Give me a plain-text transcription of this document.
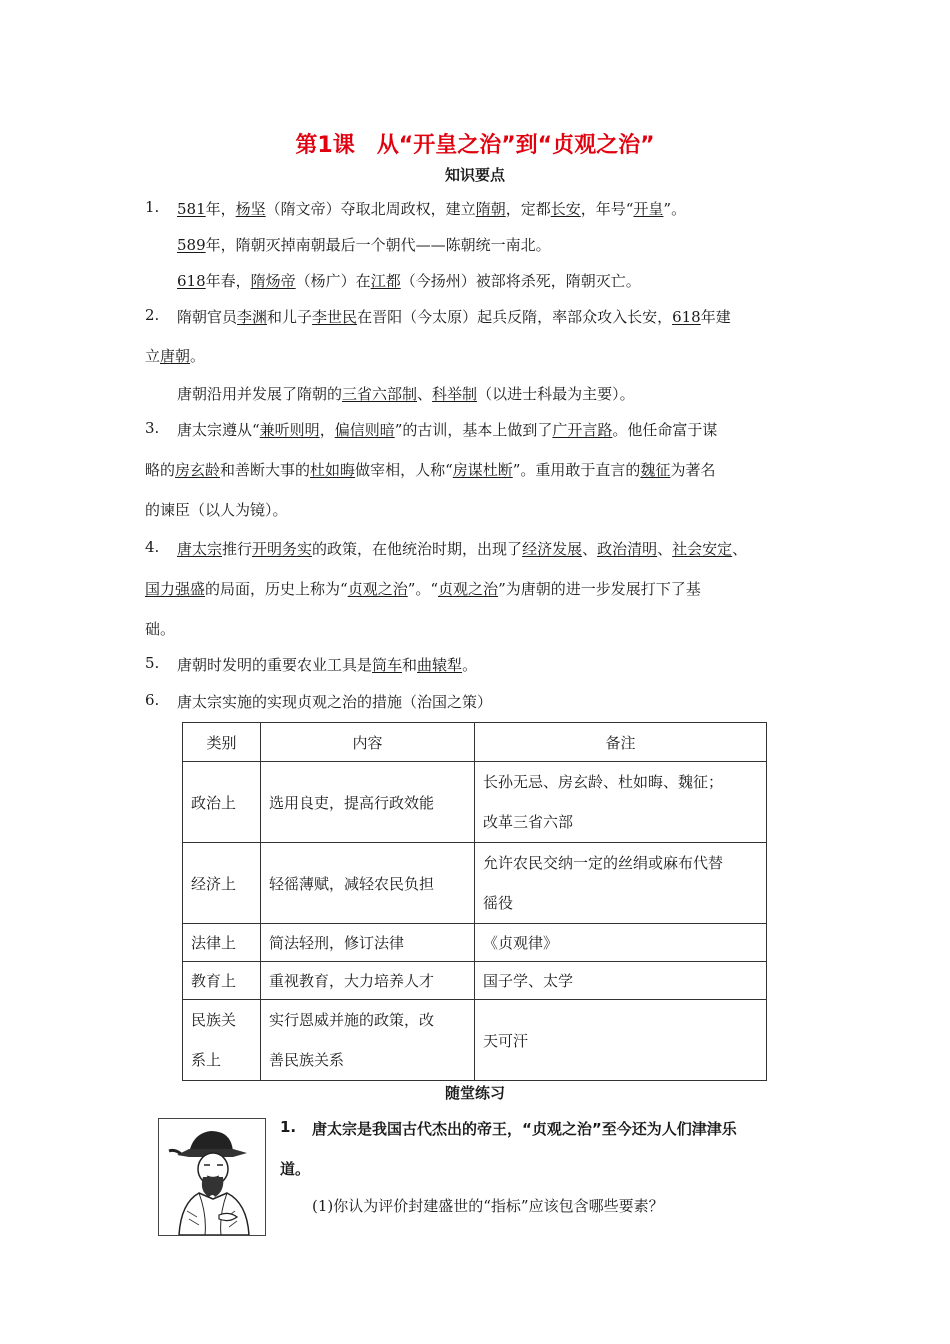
第1课　从“开皇之治”到“贞观之治”
知识要点
1. 581年，杨坚（隋文帝）夺取北周政权，建立隋朝，定都长安，年号“开皇”。
589年，隋朝灭掉南朝最后一个朝代——陈朝统一南北。
618年春，隋炀帝（杨广）在江都（今扬州）被部将杀死，隋朝灭亡。
2. 隋朝官员李渊和儿子李世民在晋阳（今太原）起兵反隋，率部众攻入长安，618年建
立唐朝。
唐朝沿用并发展了隋朝的三省六部制、科举制（以进士科最为主要）。
3. 唐太宗遵从“兼听则明，偏信则暗”的古训，基本上做到了广开言路。他任命富于谋
略的房玄龄和善断大事的杜如晦做宰相，人称“房谋杜断”。重用敢于直言的魏征为著名
的谏臣（以人为镜）。
4. 唐太宗推行开明务实的政策，在他统治时期，出现了经济发展、政治清明、社会安定、
国力强盛的局面，历史上称为“贞观之治”。“贞观之治”为唐朝的进一步发展打下了基
础。
5. 唐朝时发明的重要农业工具是筒车和曲辕犁。
6. 唐太宗实施的实现贞观之治的措施（治国之策）
类别	内容	备注
政治上	选用良吏，提高行政效能	长孙无忌、房玄龄、杜如晦、魏征；
改革三省六部

经济上	轻徭薄赋，减轻农民负担	允许农民交纳一定的丝绢或麻布代替
徭役

法律上	简法轻刑，修订法律	《贞观律》
教育上	重视教育，大力培养人才	国子学、太学

民族关
系上	实行恩威并施的政策，改
善民族关系	天可汗
随堂练习
1. 唐太宗是我国古代杰出的帝王，“贞观之治”至今还为人们津津乐
道。
(1)你认为评价封建盛世的“指标”应该包含哪些要素？
